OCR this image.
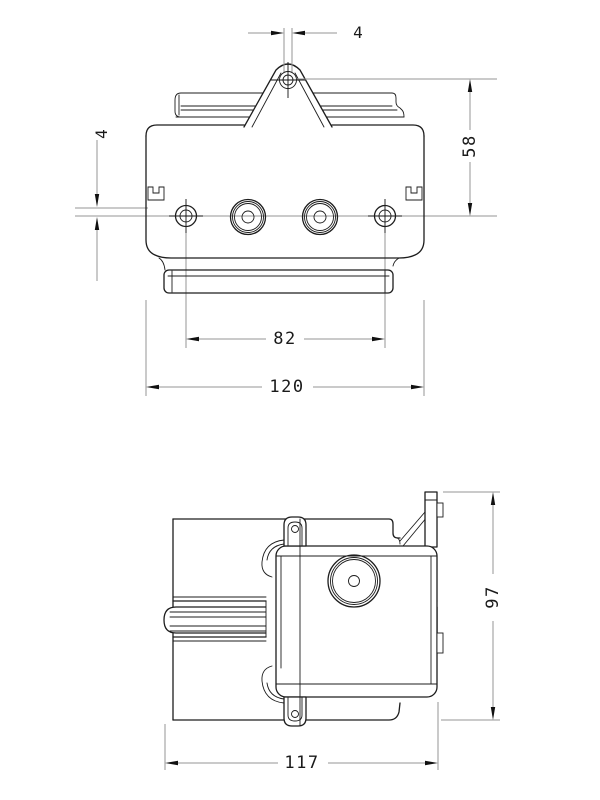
4
4
58
82
120
97
117
